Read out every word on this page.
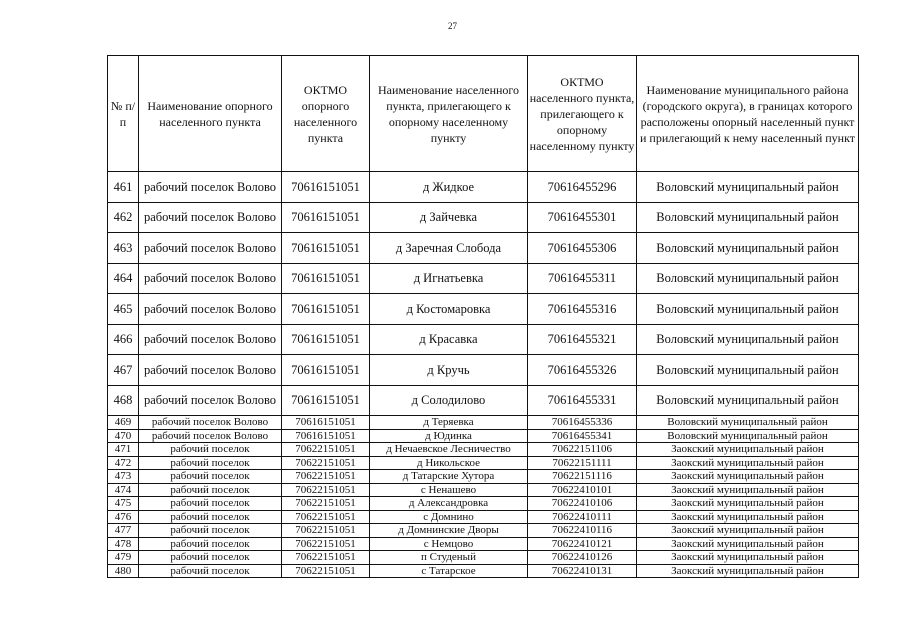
27
№ п/п	Наименование опорного населенного пункта	ОКТМО опорного населенного пункта	Наименование населенного пункта, прилегающего к опорному населенному пункту	ОКТМО населенного пункта, прилегающего к опорному населенному пункту	Наименование муниципального района (городского округа), в границах которого расположены опорный населенный пункт и прилегающий к нему населенный пункт
461	рабочий поселок Волово	70616151051	д Жидкое	70616455296	Воловский муниципальный район
462	рабочий поселок Волово	70616151051	д Зайчевка	70616455301	Воловский муниципальный район
463	рабочий поселок Волово	70616151051	д Заречная Слобода	70616455306	Воловский муниципальный район
464	рабочий поселок Волово	70616151051	д Игнатьевка	70616455311	Воловский муниципальный район
465	рабочий поселок Волово	70616151051	д Костомаровка	70616455316	Воловский муниципальный район
466	рабочий поселок Волово	70616151051	д Красавка	70616455321	Воловский муниципальный район
467	рабочий поселок Волово	70616151051	д Кручь	70616455326	Воловский муниципальный район
468	рабочий поселок Волово	70616151051	д Солодилово	70616455331	Воловский муниципальный район
469	рабочий поселок Волово	70616151051	д Теряевка	70616455336	Воловский муниципальный район
470	рабочий поселок Волово	70616151051	д Юдинка	70616455341	Воловский муниципальный район
471	рабочий поселок	70622151051	д Нечаевское Лесничество	70622151106	Заокский муниципальный район
472	рабочий поселок	70622151051	д Никольское	70622151111	Заокский муниципальный район
473	рабочий поселок	70622151051	д Татарские Хутора	70622151116	Заокский муниципальный район
474	рабочий поселок	70622151051	с Ненашево	70622410101	Заокский муниципальный район
475	рабочий поселок	70622151051	д Александровка	70622410106	Заокский муниципальный район
476	рабочий поселок	70622151051	с Домнино	70622410111	Заокский муниципальный район
477	рабочий поселок	70622151051	д Домнинские Дворы	70622410116	Заокский муниципальный район
478	рабочий поселок	70622151051	с Немцово	70622410121	Заокский муниципальный район
479	рабочий поселок	70622151051	п Студеный	70622410126	Заокский муниципальный район
480	рабочий поселок	70622151051	с Татарское	70622410131	Заокский муниципальный район
